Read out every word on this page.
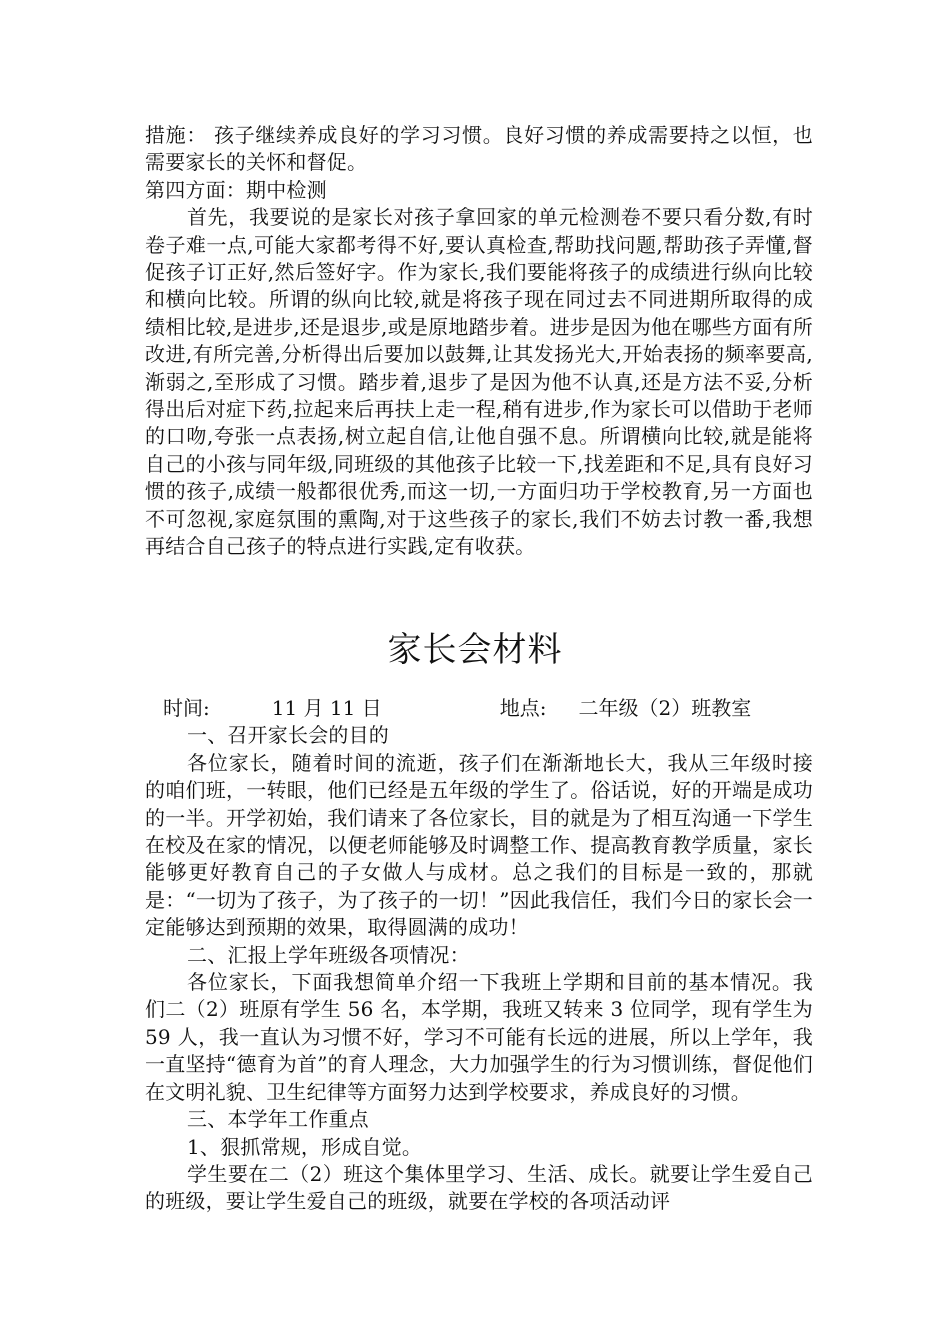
措施： 孩子继续养成良好的学习习惯。良好习惯的养成需要持之以恒，也需要家长的关怀和督促。

第四方面：期中检测

首先，我要说的是家长对孩子拿回家的单元检测卷不要只看分数,有时卷子难一点,可能大家都考得不好,要认真检查,帮助找问题,帮助孩子弄懂,督促孩子订正好,然后签好字。作为家长,我们要能将孩子的成绩进行纵向比较和横向比较。所谓的纵向比较,就是将孩子现在同过去不同进期所取得的成绩相比较,是进步,还是退步,或是原地踏步着。进步是因为他在哪些方面有所改进,有所完善,分析得出后要加以鼓舞,让其发扬光大,开始表扬的频率要高,渐弱之,至形成了习惯。踏步着,退步了是因为他不认真,还是方法不妥,分析得出后对症下药,拉起来后再扶上走一程,稍有进步,作为家长可以借助于老师的口吻,夸张一点表扬,树立起自信,让他自强不息。所谓横向比较,就是能将自己的小孩与同年级,同班级的其他孩子比较一下,找差距和不足,具有良好习惯的孩子,成绩一般都很优秀,而这一切,一方面归功于学校教育,另一方面也不可忽视,家庭氛围的熏陶,对于这些孩子的家长,我们不妨去讨教一番,我想再结合自己孩子的特点进行实践,定有收获。

家长会材料
时间:	11 月 11 日	地点: 二年级（2）班教室

一、召开家长会的目的

各位家长，随着时间的流逝，孩子们在渐渐地长大，我从三年级时接的咱们班，一转眼，他们已经是五年级的学生了。俗话说，好的开端是成功的一半。开学初始，我们请来了各位家长，目的就是为了相互沟通一下学生在校及在家的情况，以便老师能够及时调整工作、提高教育教学质量，家长能够更好教育自己的子女做人与成材。总之我们的目标是一致的，那就是：“一切为了孩子，为了孩子的一切！”因此我信任，我们今日的家长会一定能够达到预期的效果，取得圆满的成功！

二、汇报上学年班级各项情况：

各位家长，下面我想简单介绍一下我班上学期和目前的基本情况。我们二（2）班原有学生 56 名，本学期，我班又转来 3 位同学，现有学生为 59 人，我一直认为习惯不好，学习不可能有长远的进展，所以上学年，我一直坚持“德育为首”的育人理念，大力加强学生的行为习惯训练，督促他们在文明礼貌、卫生纪律等方面努力达到学校要求，养成良好的习惯。

三、本学年工作重点

1、狠抓常规，形成自觉。

学生要在二（2）班这个集体里学习、生活、成长。就要让学生爱自己的班级，要让学生爱自己的班级，就要在学校的各项活动评
